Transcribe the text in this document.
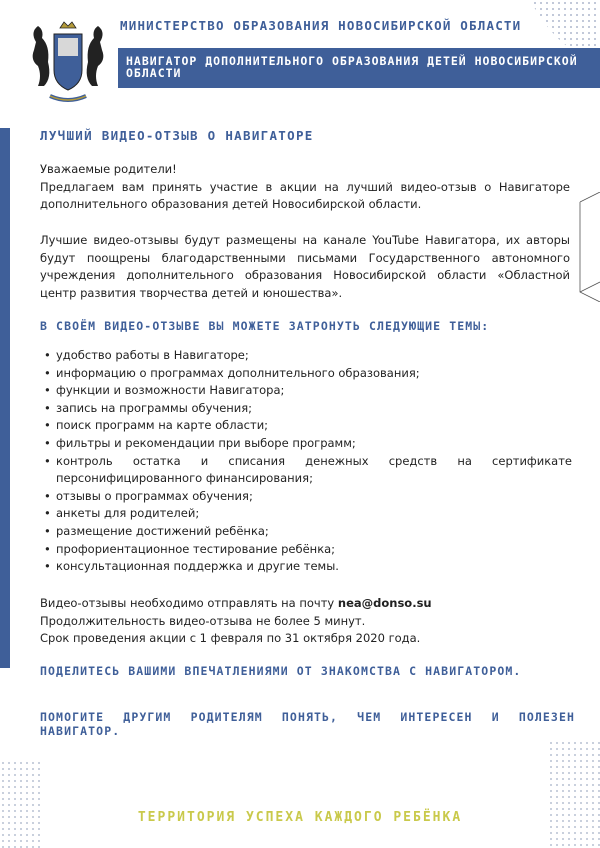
МИНИСТЕРСТВО ОБРАЗОВАНИЯ НОВОСИБИРСКОЙ ОБЛАСТИ
НАВИГАТОР ДОПОЛНИТЕЛЬНОГО ОБРАЗОВАНИЯ ДЕТЕЙ НОВОСИБИРСКОЙ ОБЛАСТИ
ЛУЧШИЙ ВИДЕО-ОТЗЫВ О НАВИГАТОРЕ
Уважаемые родители!
Предлагаем вам принять участие в акции на лучший видео-отзыв о Навигаторе дополнительного образования детей Новосибирской области.
Лучшие видео-отзывы будут размещены на канале YouTube Навигатора, их авторы будут поощрены благодарственными письмами Государственного автономного учреждения дополнительного образования Новосибирской области «Областной центр развития творчества детей и юношества».
В СВОЁМ ВИДЕО-ОТЗЫВЕ ВЫ МОЖЕТЕ ЗАТРОНУТЬ СЛЕДУЮЩИЕ ТЕМЫ:
• удобство работы в Навигаторе;
• информацию о программах дополнительного образования;
• функции и возможности Навигатора;
• запись на программы обучения;
• поиск программ на карте области;
• фильтры и рекомендации при выборе программ;
• контроль остатка и списания денежных средств на сертификате персонифицированного финансирования;
• отзывы о программах обучения;
• анкеты для родителей;
• размещение достижений ребёнка;
• профориентационное тестирование ребёнка;
• консультационная поддержка и другие темы.
Видео-отзывы необходимо отправлять на почту nea@donso.su
Продолжительность видео-отзыва не более 5 минут.
Срок проведения акции с 1 февраля по 31 октября 2020 года.
ПОДЕЛИТЕСЬ ВАШИМИ ВПЕЧАТЛЕНИЯМИ ОТ ЗНАКОМСТВА С НАВИГАТОРОМ.
ПОМОГИТЕ ДРУГИМ РОДИТЕЛЯМ ПОНЯТЬ, ЧЕМ ИНТЕРЕСЕН И ПОЛЕЗЕН НАВИГАТОР.
ТЕРРИТОРИЯ УСПЕХА КАЖДОГО РЕБЁНКА
